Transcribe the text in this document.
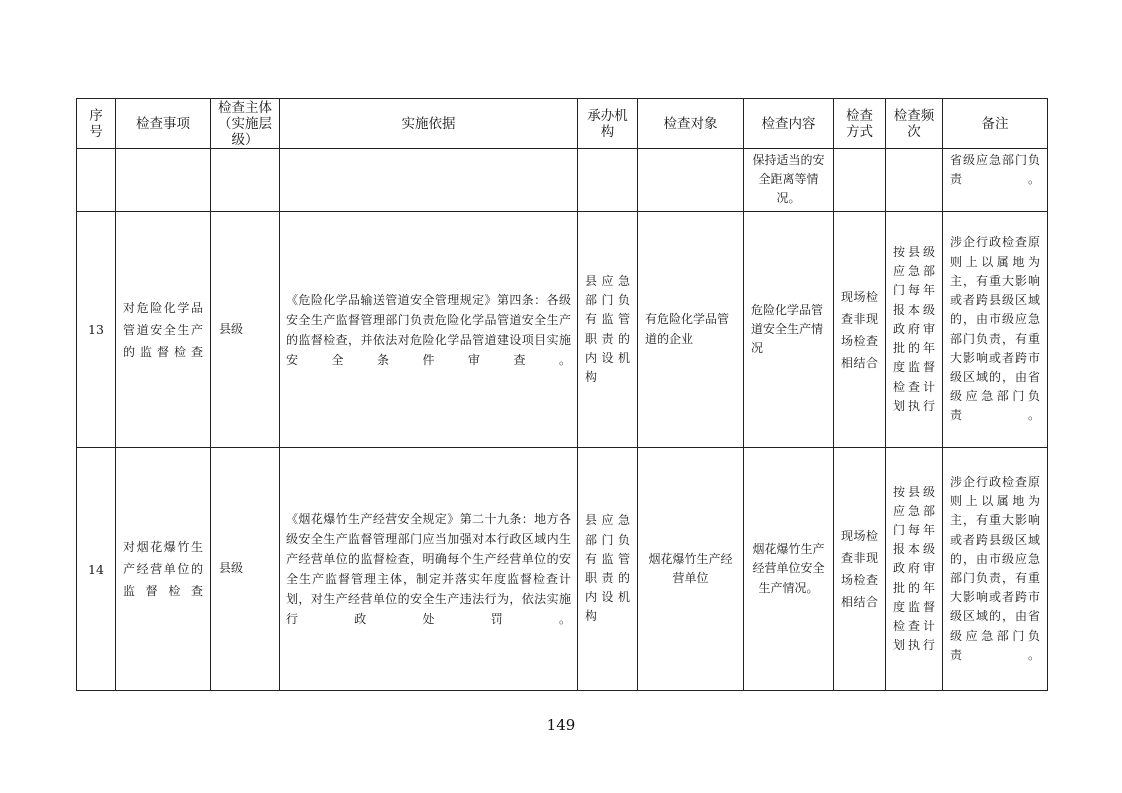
序号	检查事项	检查主体（实施层级）	实施依据	承办机构	检查对象	检查内容	检查方式	检查频次	备注

						保持适当的安全距离等情况。			省级应急部门负责。

13	对危险化学品管道安全生产的监督检查	县级	《危险化学品输送管道安全管理规定》第四条：各级安全生产监督管理部门负责危险化学品管道安全生产的监督检查，并依法对危险化学品管道建设项目实施安全条件审查。	县应急部门负有监管职责的内设机构	有危险化学品管道的企业	危险化学品管道安全生产情况	现场检查非现场检查相结合	按县级应急部门每年报本级政府审批的年度监督检查计划执行	涉企行政检查原则上以属地为主，有重大影响或者跨县级区域的，由市级应急部门负责，有重大影响或者跨市级区域的，由省级应急部门负责。

14	对烟花爆竹生产经营单位的监督检查	县级	《烟花爆竹生产经营安全规定》第二十九条：地方各级安全生产监督管理部门应当加强对本行政区域内生产经营单位的监督检查，明确每个生产经营单位的安全生产监督管理主体，制定并落实年度监督检查计划，对生产经营单位的安全生产违法行为，依法实施行政处罚。	县应急部门负有监管职责的内设机构	烟花爆竹生产经营单位	烟花爆竹生产经营单位安全生产情况。	现场检查非现场检查相结合	按县级应急部门每年报本级政府审批的年度监督检查计划执行	涉企行政检查原则上以属地为主，有重大影响或者跨县级区域的，由市级应急部门负责，有重大影响或者跨市级区域的，由省级应急部门负责。
149
